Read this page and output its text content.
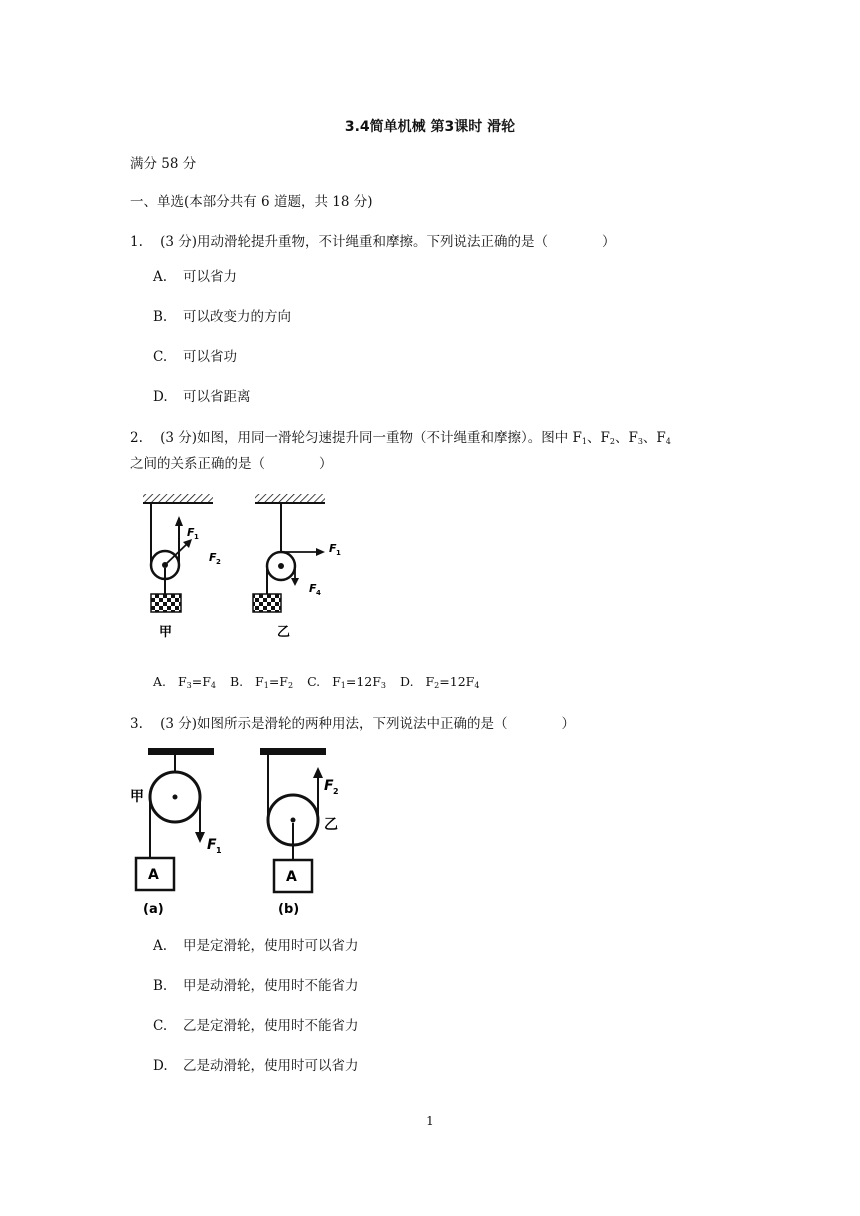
3.4简单机械 第3课时 滑轮
满分 58 分
一、单选(本部分共有 6 道题，共 18 分)
1. (3 分)用动滑轮提升重物，不计绳重和摩擦。下列说法正确的是（　　　　）
A. 可以省力
B. 可以改变力的方向
C. 可以省功
D. 可以省距离
2. (3 分)如图，用同一滑轮匀速提升同一重物（不计绳重和摩擦）。图中 $F_1$、$F_2$、$F_3$、$F_4$
之间的关系正确的是（　　　　）
F 1
F 2
甲
F 1
F 4
乙
A. $F_3=F_4$ B. $F_1=F_2$ C. $F_1=12F_3$ D. $F_2=12F_4$
3. (3 分)如图所示是滑轮的两种用法，下列说法中正确的是（　　　　）
A
甲
F 1
(a)
A
F 2
乙
(b)
A. 甲是定滑轮，使用时可以省力
B. 甲是动滑轮，使用时不能省力
C. 乙是定滑轮，使用时不能省力
D. 乙是动滑轮，使用时可以省力
1
